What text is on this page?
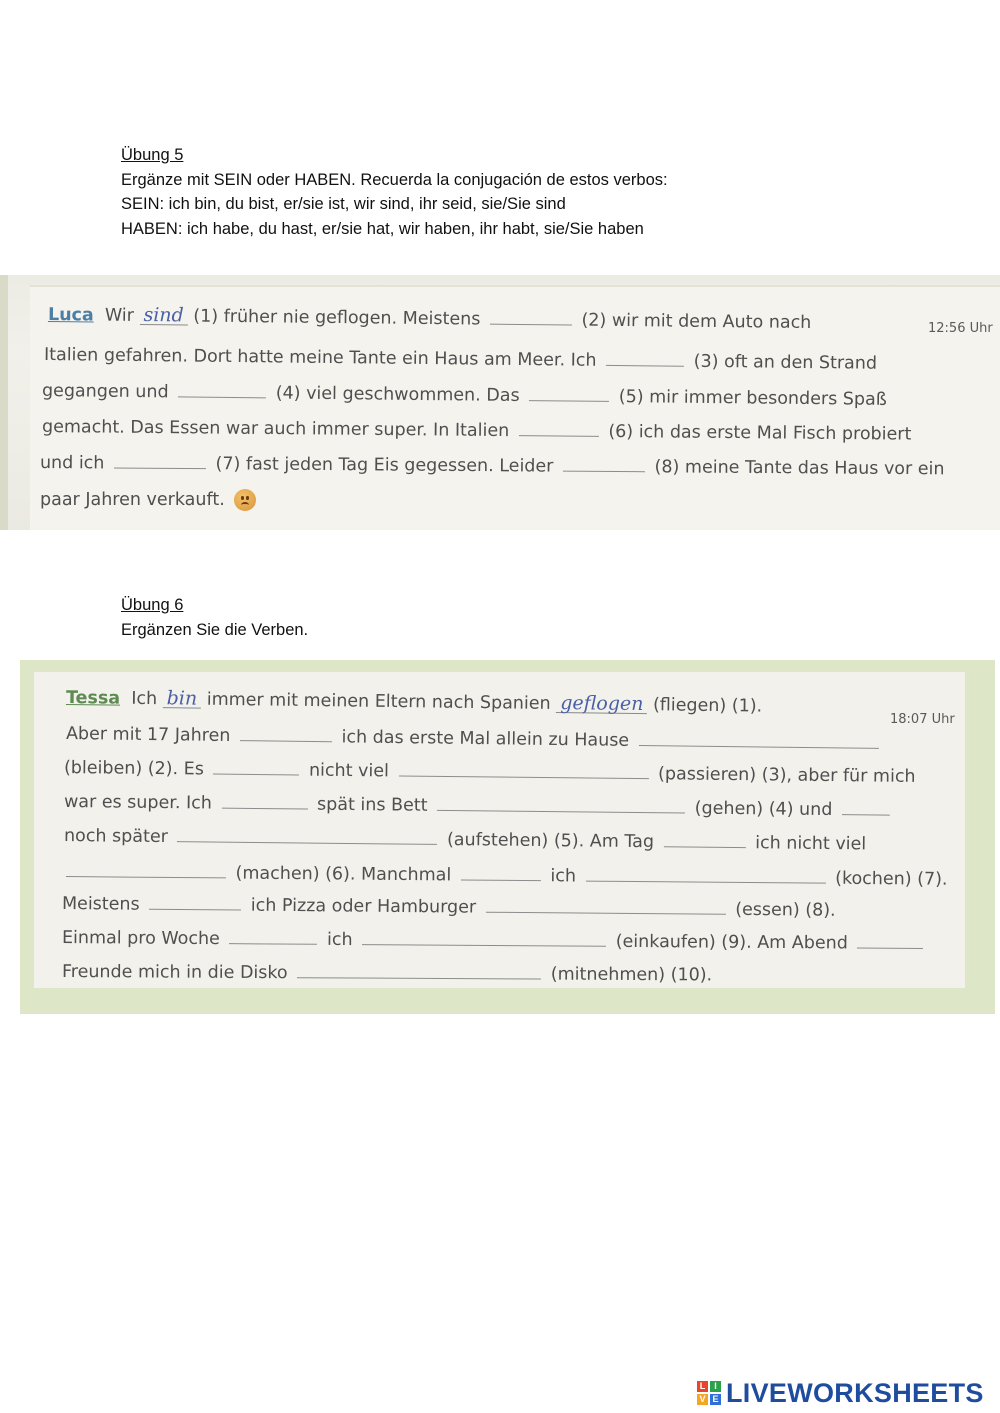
Übung 5
Ergänze mit SEIN oder HABEN. Recuerda la conjugación de estos verbos:
SEIN: ich bin, du bist, er/sie ist, wir sind, ihr seid, sie/Sie sind
HABEN: ich habe, du hast, er/sie hat, wir haben, ihr habt, sie/Sie haben
Luca Wir sind (1) früher nie geflogen. Meistens	(2) wir mit dem Auto nach	12:56 Uhr
Italien gefahren. Dort hatte meine Tante ein Haus am Meer. Ich	(3) oft an den Strand
gegangen und	(4) viel geschwommen. Das	(5) mir immer besonders Spaß
gemacht. Das Essen war auch immer super. In Italien	(6) ich das erste Mal Fisch probiert
und ich	(7) fast jeden Tag Eis gegessen. Leider	(8) meine Tante das Haus vor ein
paar Jahren verkauft.
Übung 6
Ergänzen Sie die Verben.
Tessa Ich bin immer mit meinen Eltern nach Spanien geflogen (fliegen) (1).
18:07 Uhr
Aber mit 17 Jahren	ich das erste Mal allein zu Hause
(bleiben) (2). Es	nicht viel	(passieren) (3), aber für mich
war es super. Ich	spät ins Bett	(gehen) (4) und
noch später	(aufstehen) (5). Am Tag	ich nicht viel
(machen) (6). Manchmal	ich	(kochen) (7).
Meistens	ich Pizza oder Hamburger	(essen) (8).
Einmal pro Woche	ich	(einkaufen) (9). Am Abend
Freunde mich in die Disko	(mitnehmen) (10).
L I
V E LIVEWORKSHEETS
